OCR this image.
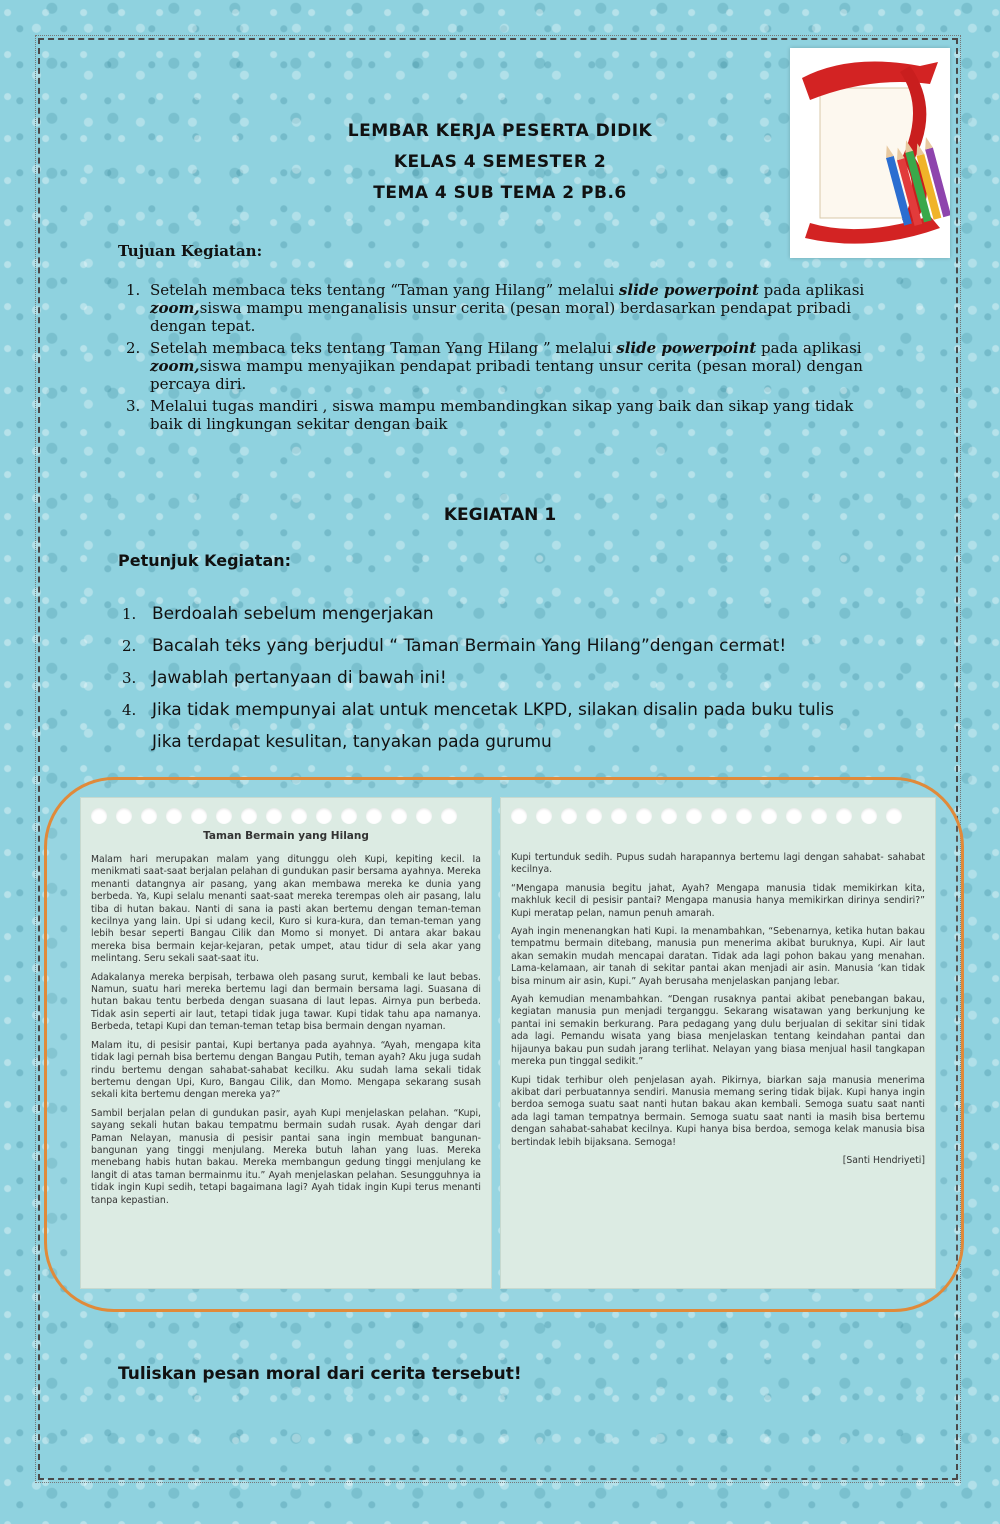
LEMBAR KERJA PESERTA DIDIK
KELAS 4 SEMESTER 2
TEMA 4 SUB TEMA 2 PB.6
Tujuan Kegiatan:
1. Setelah membaca teks tentang “Taman yang Hilang” melalui slide powerpoint pada aplikasi zoom,siswa mampu menganalisis unsur cerita (pesan moral) berdasarkan pendapat pribadi dengan tepat.
2. Setelah membaca teks tentang Taman Yang Hilang ” melalui slide powerpoint pada aplikasi zoom,siswa mampu menyajikan pendapat pribadi tentang unsur cerita (pesan moral) dengan percaya diri.
3. Melalui tugas mandiri , siswa mampu membandingkan sikap yang baik dan sikap yang tidak baik di lingkungan sekitar dengan baik
KEGIATAN 1
Petunjuk Kegiatan:
1. Berdoalah sebelum mengerjakan
2. Bacalah teks yang berjudul “ Taman Bermain Yang Hilang”dengan cermat!
3. Jawablah pertanyaan di bawah ini!
4. Jika tidak mempunyai alat untuk mencetak LKPD, silakan disalin pada buku tulis
Jika terdapat kesulitan, tanyakan pada gurumu
Taman Bermain yang Hilang

Malam hari merupakan malam yang ditunggu oleh Kupi, kepiting kecil. Ia menikmati saat-saat berjalan pelahan di gundukan pasir bersama ayahnya. Mereka menanti datangnya air pasang, yang akan membawa mereka ke dunia yang berbeda. Ya, Kupi selalu menanti saat-saat mereka terempas oleh air pasang, lalu tiba di hutan bakau. Nanti di sana ia pasti akan bertemu dengan teman-teman kecilnya yang lain. Upi si udang kecil, Kuro si kura-kura, dan teman-teman yang lebih besar seperti Bangau Cilik dan Momo si monyet. Di antara akar bakau mereka bisa bermain kejar-kejaran, petak umpet, atau tidur di sela akar yang melintang. Seru sekali saat-saat itu.

Adakalanya mereka berpisah, terbawa oleh pasang surut, kembali ke laut bebas. Namun, suatu hari mereka bertemu lagi dan bermain bersama lagi. Suasana di hutan bakau tentu berbeda dengan suasana di laut lepas. Airnya pun berbeda. Tidak asin seperti air laut, tetapi tidak juga tawar. Kupi tidak tahu apa namanya. Berbeda, tetapi Kupi dan teman-teman tetap bisa bermain dengan nyaman.

Malam itu, di pesisir pantai, Kupi bertanya pada ayahnya. “Ayah, mengapa kita tidak lagi pernah bisa bertemu dengan Bangau Putih, teman ayah? Aku juga sudah rindu bertemu dengan sahabat-sahabat kecilku. Aku sudah lama sekali tidak bertemu dengan Upi, Kuro, Bangau Cilik, dan Momo. Mengapa sekarang susah sekali kita bertemu dengan mereka ya?”

Sambil berjalan pelan di gundukan pasir, ayah Kupi menjelaskan pelahan. “Kupi, sayang sekali hutan bakau tempatmu bermain sudah rusak. Ayah dengar dari Paman Nelayan, manusia di pesisir pantai sana ingin membuat bangunan-bangunan yang tinggi menjulang. Mereka butuh lahan yang luas. Mereka menebang habis hutan bakau. Mereka membangun gedung tinggi menjulang ke langit di atas taman bermainmu itu.” Ayah menjelaskan pelahan. Sesungguhnya ia tidak ingin Kupi sedih, tetapi bagaimana lagi? Ayah tidak ingin Kupi terus menanti tanpa kepastian.

Kupi tertunduk sedih. Pupus sudah harapannya bertemu lagi dengan sahabat- sahabat kecilnya.

“Mengapa manusia begitu jahat, Ayah? Mengapa manusia tidak memikirkan kita, makhluk kecil di pesisir pantai? Mengapa manusia hanya memikirkan dirinya sendiri?” Kupi meratap pelan, namun penuh amarah.

Ayah ingin menenangkan hati Kupi. Ia menambahkan, “Sebenarnya, ketika hutan bakau tempatmu bermain ditebang, manusia pun menerima akibat buruknya, Kupi. Air laut akan semakin mudah mencapai daratan. Tidak ada lagi pohon bakau yang menahan. Lama-kelamaan, air tanah di sekitar pantai akan menjadi air asin. Manusia ‘kan tidak bisa minum air asin, Kupi.” Ayah berusaha menjelaskan panjang lebar.

Ayah kemudian menambahkan. “Dengan rusaknya pantai akibat penebangan bakau, kegiatan manusia pun menjadi terganggu. Sekarang wisatawan yang berkunjung ke pantai ini semakin berkurang. Para pedagang yang dulu berjualan di sekitar sini tidak ada lagi. Pemandu wisata yang biasa menjelaskan tentang keindahan pantai dan hijaunya bakau pun sudah jarang terlihat. Nelayan yang biasa menjual hasil tangkapan mereka pun tinggal sedikit.”

Kupi tidak terhibur oleh penjelasan ayah. Pikirnya, biarkan saja manusia menerima akibat dari perbuatannya sendiri. Manusia memang sering tidak bijak. Kupi hanya ingin berdoa semoga suatu saat nanti hutan bakau akan kembali. Semoga suatu saat nanti ada lagi taman tempatnya bermain. Semoga suatu saat nanti ia masih bisa bertemu dengan sahabat-sahabat kecilnya. Kupi hanya bisa berdoa, semoga kelak manusia bisa bertindak lebih bijaksana. Semoga!

[Santi Hendriyeti]

Tuliskan pesan moral dari cerita tersebut!
